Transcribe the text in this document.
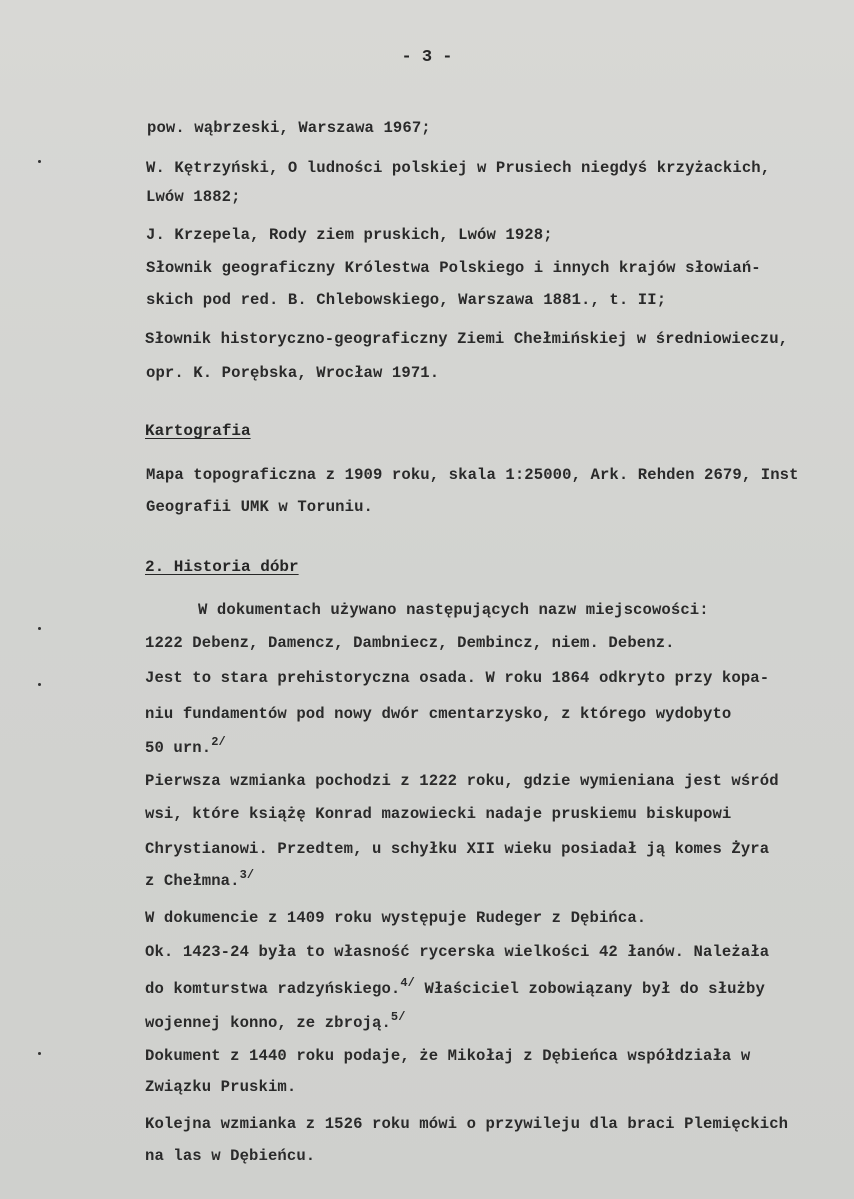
- 3 -
pow. wąbrzeski, Warszawa 1967;
W. Kętrzyński, O ludności polskiej w Prusiech niegdyś krzyżackich,
Lwów 1882;
J. Krzepela, Rody ziem pruskich, Lwów 1928;
Słownik geograficzny Królestwa Polskiego i innych krajów słowiań-
skich pod red. B. Chlebowskiego, Warszawa 1881., t. II;
Słownik historyczno-geograficzny Ziemi Chełmińskiej w średniowieczu,
opr. K. Porębska, Wrocław 1971.
Kartografia
Mapa topograficzna z 1909 roku, skala 1:25000, Ark. Rehden 2679, Inst
Geografii UMK w Toruniu.
2. Historia dóbr
W dokumentach używano następujących nazw miejscowości:
1222 Debenz, Damencz, Dambniecz, Dembincz, niem. Debenz.
Jest to stara prehistoryczna osada. W roku 1864 odkryto przy kopa-
niu fundamentów pod nowy dwór cmentarzysko, z którego wydobyto
50 urn.$^{2/}$
Pierwsza wzmianka pochodzi z 1222 roku, gdzie wymieniana jest wśród
wsi, które książę Konrad mazowiecki nadaje pruskiemu biskupowi
Chrystianowi. Przedtem, u schyłku XII wieku posiadał ją komes Żyra
z Chełmna.$^{3/}$
W dokumencie z 1409 roku występuje Rudeger z Dębińca.
Ok. 1423-24 była to własność rycerska wielkości 42 łanów. Należała
do komturstwa radzyńskiego.$^{4/}$ Właściciel zobowiązany był do służby
wojennej konno, ze zbroją.$^{5/}$
Dokument z 1440 roku podaje, że Mikołaj z Dębieńca współdziała w
Związku Pruskim.
Kolejna wzmianka z 1526 roku mówi o przywileju dla braci Plemięckich
na las w Dębieńcu.
